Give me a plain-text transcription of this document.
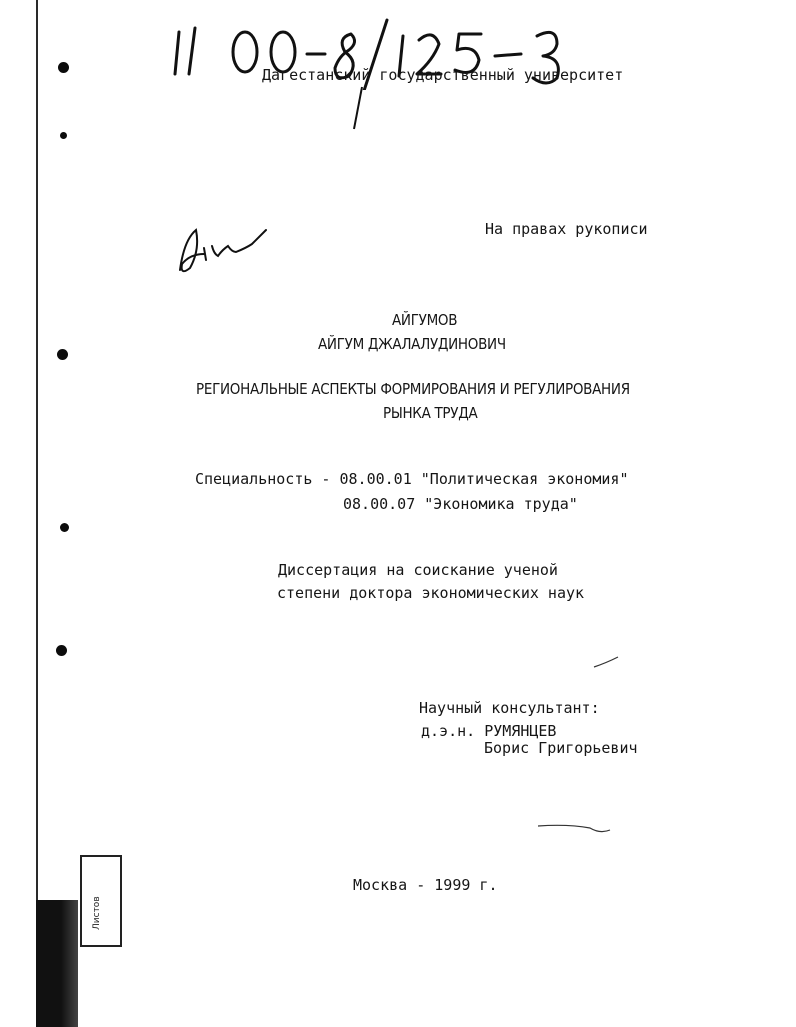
Дагестанский государственный университет
На правах рукописи
АЙГУМОВ
АЙГУМ ДЖАЛАЛУДИНОВИЧ
РЕГИОНАЛЬНЫЕ АСПЕКТЫ ФОРМИРОВАНИЯ И РЕГУЛИРОВАНИЯ
РЫНКА ТРУДА
Специальность - 08.00.01 "Политическая экономия"
08.00.07 "Экономика труда"
Диссертация на соискание ученой
степени доктора экономических наук
Научный консультант:
д.э.н. РУМЯНЦЕВ
Борис Григорьевич
Москва - 1999 г.
Листов
